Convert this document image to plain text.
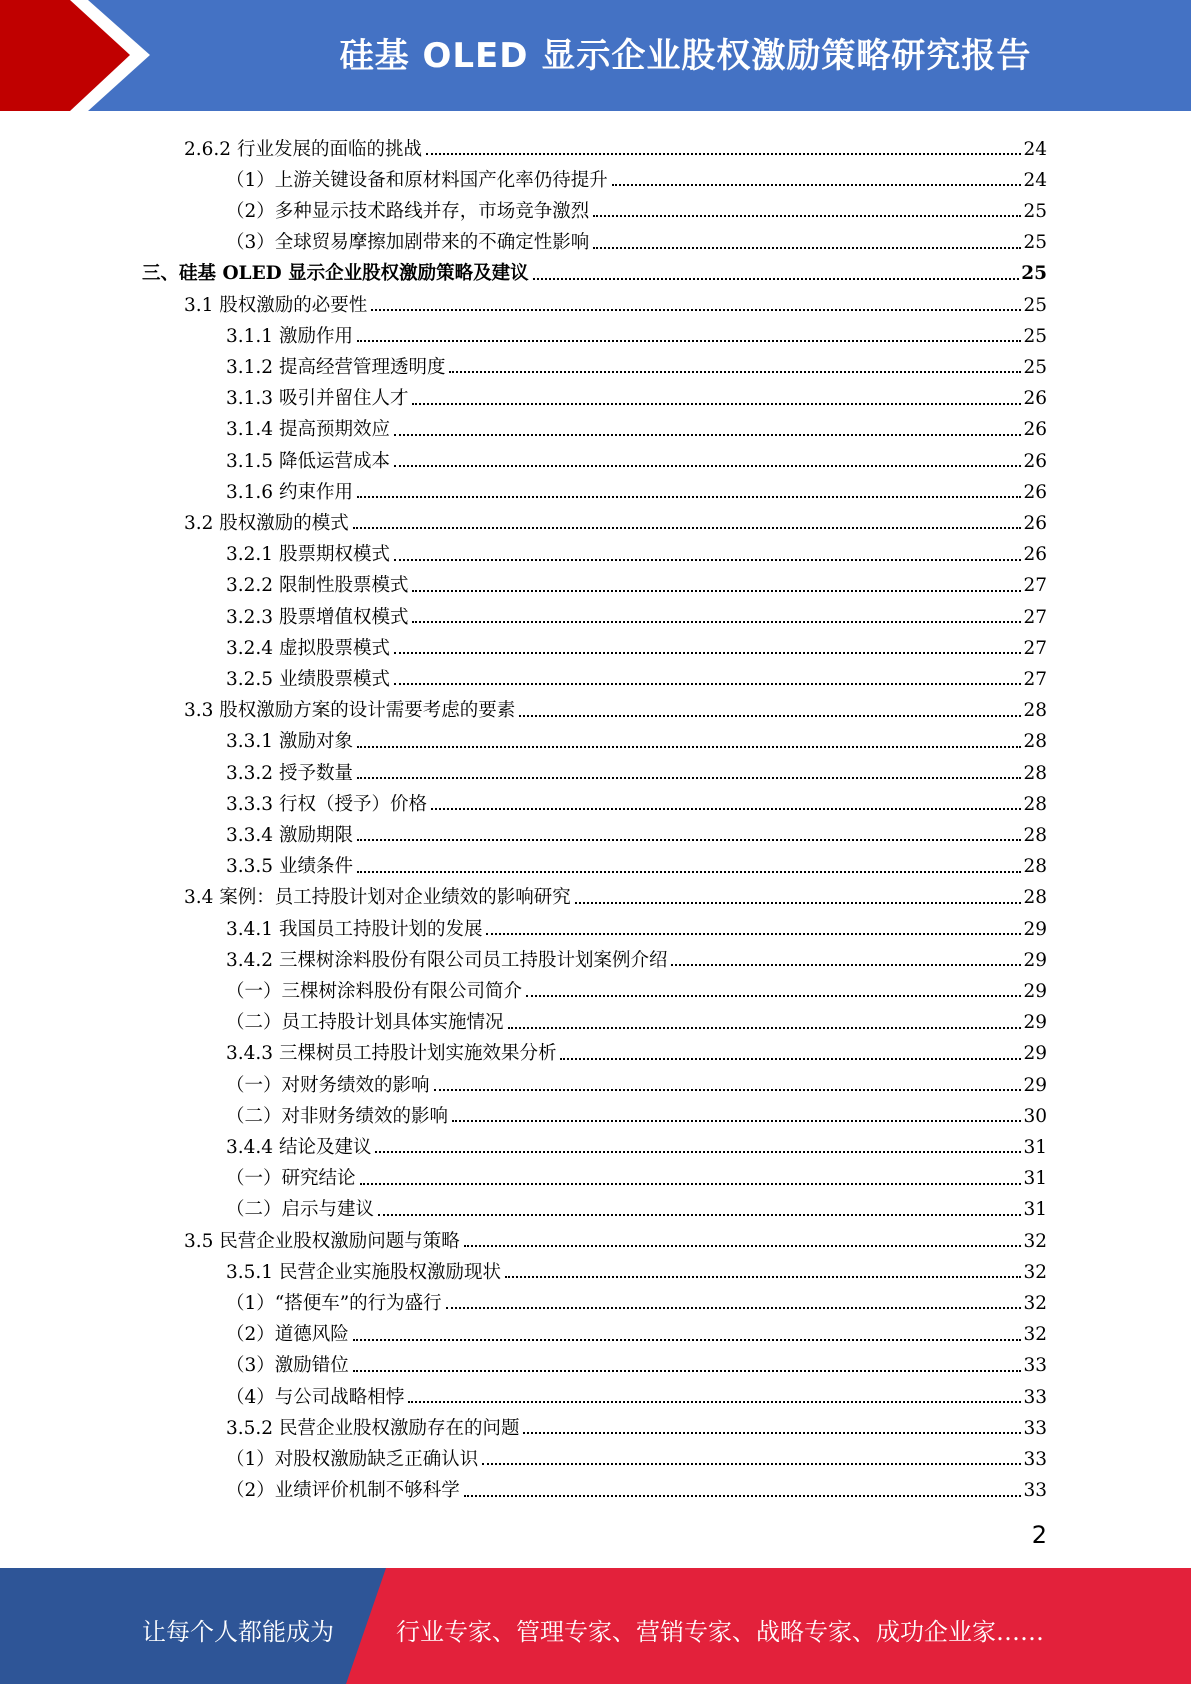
硅基 OLED 显示企业股权激励策略研究报告
2.6.2 行业发展的面临的挑战	24
（1）上游关键设备和原材料国产化率仍待提升	24
（2）多种显示技术路线并存，市场竞争激烈	25
（3）全球贸易摩擦加剧带来的不确定性影响	25
三、硅基 OLED 显示企业股权激励策略及建议	25
3.1 股权激励的必要性	25
3.1.1 激励作用	25
3.1.2 提高经营管理透明度	25
3.1.3 吸引并留住人才	26
3.1.4 提高预期效应	26
3.1.5 降低运营成本	26
3.1.6 约束作用	26
3.2 股权激励的模式	26
3.2.1 股票期权模式	26
3.2.2 限制性股票模式	27
3.2.3 股票增值权模式	27
3.2.4 虚拟股票模式	27
3.2.5 业绩股票模式	27
3.3 股权激励方案的设计需要考虑的要素	28
3.3.1 激励对象	28
3.3.2 授予数量	28
3.3.3 行权（授予）价格	28
3.3.4 激励期限	28
3.3.5 业绩条件	28
3.4 案例：员工持股计划对企业绩效的影响研究	28
3.4.1 我国员工持股计划的发展	29
3.4.2 三棵树涂料股份有限公司员工持股计划案例介绍	29
（一）三棵树涂料股份有限公司简介	29
（二）员工持股计划具体实施情况	29
3.4.3 三棵树员工持股计划实施效果分析	29
（一）对财务绩效的影响	29
（二）对非财务绩效的影响	30
3.4.4 结论及建议	31
（一）研究结论	31
（二）启示与建议	31
3.5 民营企业股权激励问题与策略	32
3.5.1 民营企业实施股权激励现状	32
（1）“搭便车”的行为盛行	32
（2）道德风险	32
（3）激励错位	33
（4）与公司战略相悖	33
3.5.2 民营企业股权激励存在的问题	33
（1）对股权激励缺乏正确认识	33
（2）业绩评价机制不够科学	33
2
让每个人都能成为	行业专家、管理专家、营销专家、战略专家、成功企业家……
